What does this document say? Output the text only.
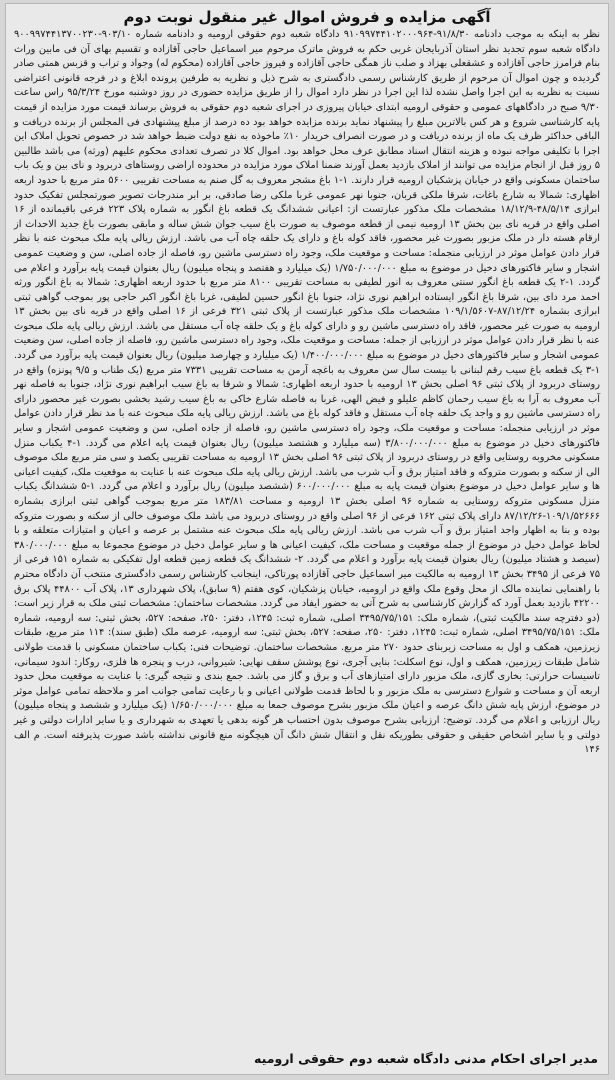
آگهی مزایده و فروش اموال غیر منقول نوبت دوم

نظر به اینکه به موجب دادنامه ۹۱/۸/۳۰-۹۱۰۹۹۷۴۴۱۰۲۰۰۰۹۶۴ دادگاه شعبه دوم حقوقی ارومیه و دادنامه شماره ۹۰۳/۱۰-۹۰۰۹۹۷۴۴۱۳۷۰۰۲۳۰ دادگاه شعبه سوم تجدید نظر استان آذربایجان غربی حکم به فروش ماترک مرحوم میر اسماعیل حاجی آقازاده و تقسیم بهای آن فی مابین وراث بنام فرامرز حاجی آقازاده و عشقعلی بهزاد و صلب ناز همگی حاجی آقازاده و فیروز حاجی آقازاده (محکوم له) وجواد و تراب و قزبس همتی صادر گردیده و چون اموال آن مرحوم از طریق کارشناس رسمی دادگستری به شرح ذیل و نظریه به طرفین پرونده ابلاغ و در فرجه قانونی اعتراضی نسبت به نظریه به این اجرا واصل نشده لذا این اجرا در نظر دارد اموال را از طریق مزایده حضوری در روز دوشنبه مورخ ۹۵/۳/۲۴ راس ساعت ۹/۳۰ صبح در دادگاههای عمومی و حقوقی ارومیه ابتدای خیابان پیروزی در اجرای شعبه دوم حقوقی به فروش برساند قیمت مورد مزایده از قیمت پایه کارشناسی شروع و هر کس بالاترین مبلغ را پیشنهاد نماید برنده مزایده خواهد بود ده درصد از مبلغ پیشنهادی فی المجلس از برنده دریافت و الباقی حداکثر ظرف یک ماه از برنده دریافت و در صورت انصراف خریدار ۱۰٪ ماخوذه به نفع دولت ضبط خواهد شد در خصوص تحویل املاک این اجرا با تکلیفی مواجه نبوده و هزینه انتقال اسناد مطابق عرف محل خواهد بود. اموال کلا در تصرف تعدادی محکوم علیهم (ورثه) می باشد طالبین ۵ روز قبل از انجام مزایده می توانند از املاک بازدید بعمل آورند ضمنا املاک مورد مزایده در محدوده اراضی روستاهای دربرود و نای بین و یک باب ساختمان مسکونی واقع در خیابان پزشکیان ارومیه قرار دارند. ۱-۱ باغ مشجر معروف به گل صنم به مساحت تقریبی ۵۶۰۰ متر مربع با حدود اربعه اظهاری: شمالا به شارع باغات، شرقا ملکی قربان، جنوبا نهر عمومی غربا ملکی رضا صادقی، بر ابر مندرجات تصویر صورتمجلس تفکیک حدود ابرازی ۴۸/۵/۱۴-۱۸/۱۲/۹ مشخصات ملک مذکور عبارتست از: اعیانی ششدانگ یک قطعه باغ انگور به شماره پلاک ۲۲۳ فرعی باقیمانده از ۱۶ اصلی واقع در قریه نای بین بخش ۱۳ ارومیه نیمی از قطعه موصوف به صورت باغ سیب جوان شش ساله و مابقی بصورت باغ جدید الاحداث از ارقام هسته دار در ملک مزبور بصورت غیر محصور، فاقد کوله باغ و دارای یک حلقه چاه آب می باشد. ارزش ریالی پایه ملک مبحوث عنه با نظر قرار دادن عوامل موثر در ارزیابی منجمله: مساحت و موقعیت ملک، وجود راه دسترسی ماشین رو، فاصله از جاده اصلی، سن و وضعیت عمومی اشجار و سایر فاکتورهای دخیل در موضوع به مبلغ ۱/۷۵۰/۰۰۰/۰۰۰ (یک میلیارد و هفتصد و پنجاه میلیون) ریال بعنوان قیمت پایه برآورد و اعلام می گردد. ۱-۲ یک قطعه باغ انگور سنتی معروف به انور لطیفی به مساحت تقریبی ۸۱۰۰ متر مربع با حدود اربعه اظهاری: شمالا به باغ انگور ورثه احمد مرد دای بین، شرقا باغ انگور ایستاده ابراهیم نوری نژاد، جنوبا باغ انگور حسین لطیفی، غربا باغ انگور اکبر حاجی پور بموجب گواهی ثبتی ابرازی بشماره ۸۷/۱۲/۲۴-۱۰۹/۱/۵۶۰۷ مشخصات ملک مذکور عبارتست از پلاک ثبتی ۳۲۱ فرعی از ۱۶ اصلی واقع در قریه نای بین بخش ۱۳ ارومیه به صورت غیر محصور، فاقد راه دسترسی ماشین رو و دارای کوله باغ و یک حلقه چاه آب مستقل می باشد. ارزش ریالی پایه ملک مبحوث عنه با نظر قرار دادن عوامل موثر در ارزیابی از جمله: مساحت و موقعیت ملک، وجود راه دسترسی ماشین رو، فاصله از جاده اصلی، سن وضعیت عمومی اشجار و سایر فاکتورهای دخیل در موضوع به مبلغ ۱/۴۰۰/۰۰۰/۰۰۰ (یک میلیارد و چهارصد میلیون) ریال بعنوان قیمت پایه برآورد می گردد. ۱-۳ یک قطعه باغ سیب رقم لبنانی با بیست سال سن معروف به باغچه آرمن به مساحت تقریبی ۷۳۳۱ متر مربع (یک طناب و ۹/۵ پونزه) واقع در روستای دربرود از پلاک ثبتی ۹۶ اصلی بخش ۱۳ ارومیه با حدود اربعه اظهاری: شمالا و شرقا به باغ سیب ابراهیم نوری نژاد، جنوبا به فاصله نهر آب معروف به آرا به باغ سیب رحمان کاظم علیلو و فیض الهی، غربا به فاصله شارع خاکی به باغ سیب رشید بخشی بصورت غیر محصور دارای راه دسترسی ماشین رو و واجد یک حلقه چاه آب مستقل و فاقد کوله باغ می باشد. ارزش ریالی پایه ملک مبحوث عنه با مد نظر قرار دادن عوامل موثر در ارزیابی منجمله: مساحت و موقعیت ملک، وجود راه دسترسی ماشین رو، فاصله از جاده اصلی، سن و وضعیت عمومی اشجار و سایر فاکتورهای دخیل در موضوع به مبلغ ۳/۸۰۰/۰۰۰/۰۰۰ (سه میلیارد و هشتصد میلیون) ریال بعنوان قیمت پایه اعلام می گردد. ۱-۴ یکباب منزل مسکونی مخروبه روستایی واقع در روستای دربرود از پلاک ثبتی ۹۶ اصلی بخش ۱۳ ارومیه به مساحت تقریبی یکصد و سی متر مربع ملک موصوف الی از سکنه و بصورت متروکه و فاقد امتیاز برق و آب شرب می باشد. ارزش ریالی پایه ملک مبحوث عنه با عنایت به موقعیت ملک، کیفیت اعیانی ها و سایر عوامل دخیل در موضوع بعنوان قیمت پایه به مبلغ ۶۰۰/۰۰۰/۰۰۰ (ششصد میلیون) ریال برآورد و اعلام می گردد. ۱-۵ ششدانگ یکباب منزل مسکونی متروکه روستایی به شماره ۹۶ اصلی بخش ۱۳ ارومیه و مساحت ۱۸۳/۸۱ متر مربع بموجب گواهی ثبتی ابرازی بشماره ۱۰۹/۱/۵۲۶۶۶-۸۷/۱۲/۲۶ دارای پلاک ثبتی ۱۶۲ فرعی از ۹۶ اصلی واقع در روستای دربرود می باشد ملک موصوف خالی از سکنه و بصورت متروکه بوده و بنا به اظهار واجد امتیاز برق و آب شرب می باشد. ارزش ریالی پایه ملک مبحوث عنه مشتمل بر عرصه و اعیان و امتیازات متعلقه و با لحاظ عوامل دخیل در موضوع از جمله موقعیت و مساحت ملک، کیفیت اعیانی ها و سایر عوامل دخیل در موضوع مجموعا به مبلغ ۳۸۰/۰۰۰/۰۰۰ (سیصد و هشتاد میلیون) ریال بعنوان قیمت پایه برآورد و اعلام می گردد. ۲- ششدانگ یک قطعه زمین قطعه اول تفکیکی به شماره ۱۵۱ فرعی از ۷۵ فرعی از ۳۴۹۵ بخش ۱۳ ارومیه به مالکیت میر اسماعیل حاجی آقازاده پورتاکی، اینجانب کارشناس رسمی دادگستری منتخب آن دادگاه محترم با راهنمایی نماینده مالک از محل وقوع ملک واقع در ارومیه، خیابان پزشکیان، کوی هفتم (۹ سابق)، پلاک شهرداری ۱۳، پلاک آب ۴۴۸۰۰ پلاک برق ۴۲۲۰۰ بازدید بعمل آورد که گزارش کارشناسی به شرح آتی به حضور ایفاد می گردد. مشخصات ساختمان: مشخصات ثبتی ملک به قرار زیر است: (دو دفترچه سند مالکیت ثبتی)، شماره ملک: ۳۴۹۵/۷۵/۱۵۱ اصلی، شماره ثبت: ۱۲۴۵، دفتر: ۲۵۰، صفحه: ۵۲۷، بخش ثبتی: سه ارومیه، شماره ملک: ۳۴۹۵/۷۵/۱۵۱ اصلی، شماره ثبت: ۱۲۴۵، دفتر: ۲۵۰، صفحه: ۵۲۷، بخش ثبتی: سه ارومیه، عرصه ملک (طبق سند): ۱۱۴ متر مربع، طبقات زیرزمین، همکف و اول به مساحت زیربنای حدود ۲۷۰ متر مربع. مشخصات ساختمان. توضیحات فنی: یکباب ساختمان مسکونی با قدمت طولانی شامل طبقات زیرزمین، همکف و اول، نوع اسکلت: بنایی آجری، نوع پوشش سقف نهایی: شیروانی، درب و پنجره ها فلزی، روکار: اندود سیمانی، تاسیسات حرارتی: بخاری گازی، ملک مزبور دارای امتیازهای آب و برق و گاز می باشد. جمع بندی و نتیجه گیری: با عنایت به موقعیت محل حدود اربعه آن و مساحت و شوارع دسترسی به ملک مزبور و با لحاظ قدمت طولانی اعیانی و با رعایت تمامی جوانب امر و ملاحظه تمامی عوامل موثر در موضوع، ارزش پایه شش دانگ عرصه و اعیان ملک مزبور بشرح موصوف جمعا به مبلغ ۱/۶۵۰/۰۰۰/۰۰۰ (یک میلیارد و ششصد و پنجاه میلیون) ریال ارزیابی و اعلام می گردد. توضیح: ارزیابی بشرح موصوف بدون احتساب هر گونه بدهی یا تعهدی به شهرداری و یا سایر ادارات دولتی و غیر دولتی و یا سایر اشخاص حقیقی و حقوقی بطوریکه نقل و انتقال شش دانگ آن هیچگونه منع قانونی نداشته باشد صورت پذیرفته است. م الف ۱۴۶

مدیر اجرای احکام مدنی دادگاه شعبه دوم حقوقی ارومیه
